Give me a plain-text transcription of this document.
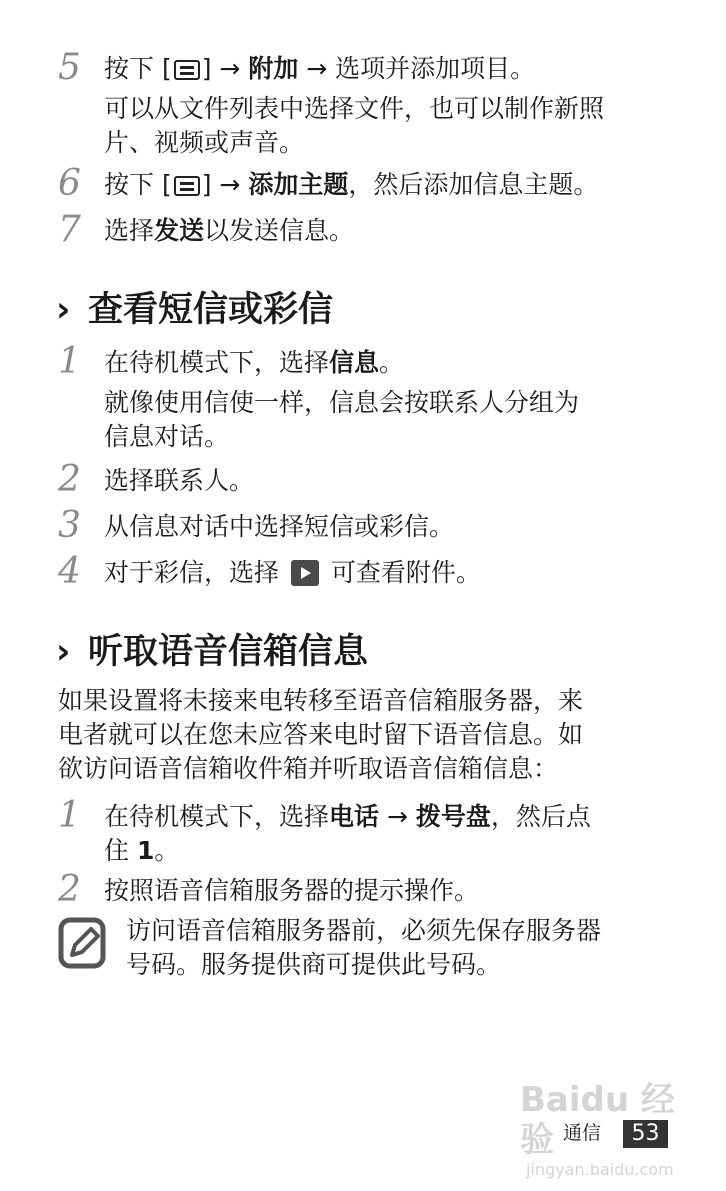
5 按下 [ ] → 附加 → 选项并添加项目。
可以从文件列表中选择文件，也可以制作新照
片、视频或声音。
6 按下 [ ] → 添加主题，然后添加信息主题。
7 选择发送以发送信息。
› 查看短信或彩信
1 在待机模式下，选择信息。
就像使用信使一样，信息会按联系人分组为
信息对话。
2 选择联系人。
3 从信息对话中选择短信或彩信。
4 对于彩信，选择 可查看附件。
› 听取语音信箱信息
如果设置将未接来电转移至语音信箱服务器，来
电者就可以在您未应答来电时留下语音信息。如
欲访问语音信箱收件箱并听取语音信箱信息：
1 在待机模式下，选择电话 → 拨号盘，然后点
住 1。
2 按照语音信箱服务器的提示操作。
访问语音信箱服务器前，必须先保存服务器
号码。服务提供商可提供此号码。
通信	53
Baidu 经验
jingyan.baidu.com
